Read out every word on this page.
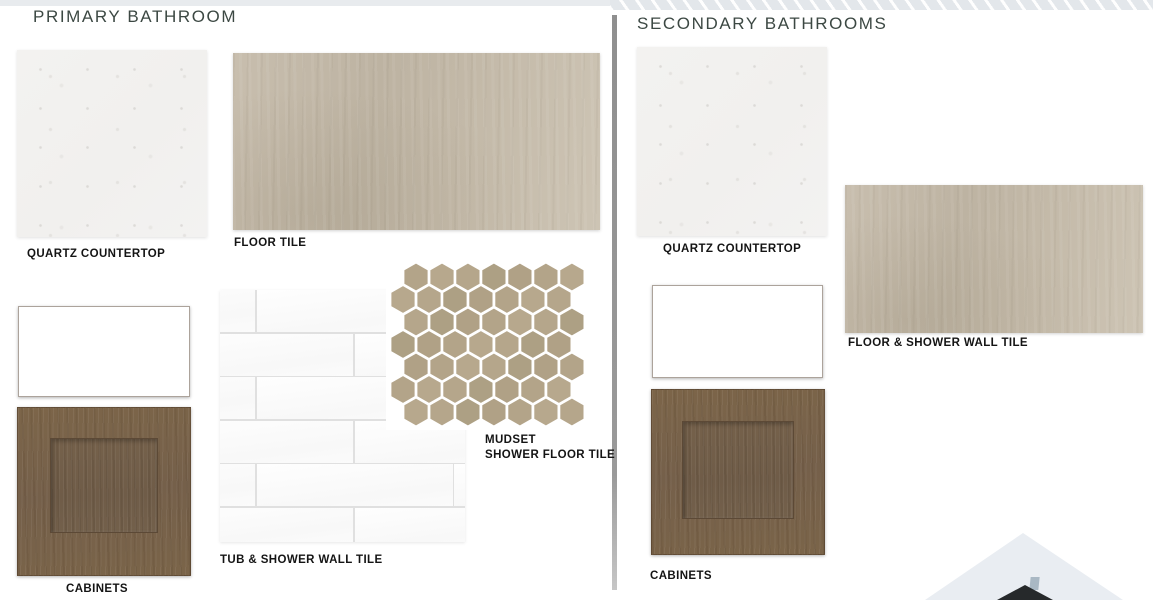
PRIMARY BATHROOM
QUARTZ COUNTERTOP
FLOOR TILE
TUB & SHOWER WALL TILE
MUDSET
SHOWER FLOOR TILE
CABINETS
SECONDARY BATHROOMS
QUARTZ COUNTERTOP
FLOOR & SHOWER WALL TILE
CABINETS
